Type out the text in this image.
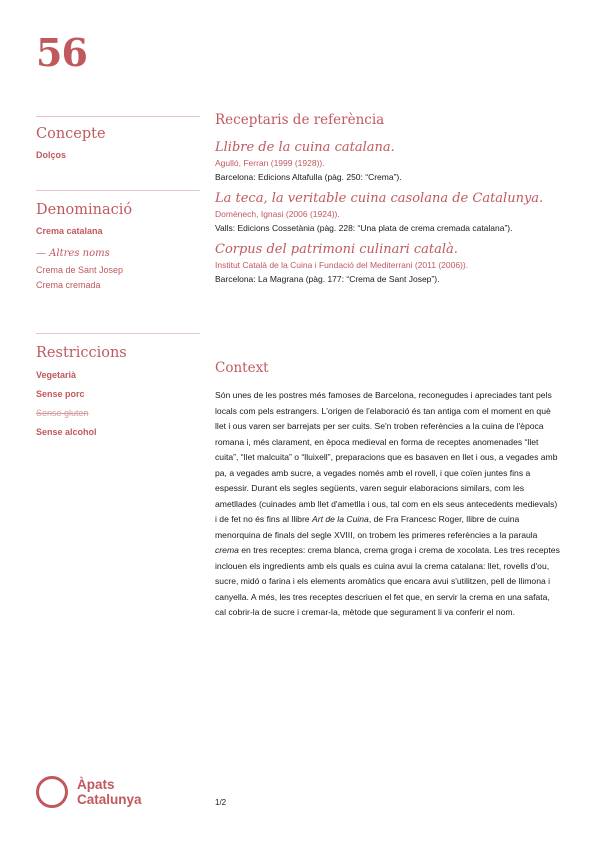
56
Concepte
Dolços
Denominació
Crema catalana
— Altres noms
Crema de Sant Josep
Crema cremada
Restriccions
Vegetarià
Sense porc
Sense gluten
Sense alcohol
Receptaris de referència
Llibre de la cuina catalana.
Agulló, Ferran (1999 (1928)).
Barcelona: Edicions Altafulla (pàg. 250: “Crema”).
La teca, la veritable cuina casolana de Catalunya.
Domènech, Ignasi (2006 (1924)).
Valls: Edicions Cossetània (pàg. 228: “Una plata de crema cremada catalana”).
Corpus del patrimoni culinari català.
Institut Català de la Cuina i Fundació del Mediterrani (2011 (2006)).
Barcelona: La Magrana (pàg. 177: “Crema de Sant Josep”).
Context
Són unes de les postres més famoses de Barcelona, reconegudes i apreciades tant pels locals com pels estrangers. L'origen de l'elaboració és tan antiga com el moment en què llet i ous varen ser barrejats per ser cuits. Se'n troben referències a la cuina de l'època romana i, més clarament, en època medieval en forma de receptes anomenades “llet cuita”, “llet malcuita” o “lluixell”, preparacions que es basaven en llet i ous, a vegades amb pa, a vegades amb sucre, a vegades només amb el rovell, i que coïen juntes fins a espessir. Durant els segles següents, varen seguir elaboracions similars, com les ametllades (cuinades amb llet d'ametlla i ous, tal com en els seus antecedents medievals) i de fet no és fins al llibre Art de la Cuina, de Fra Francesc Roger, llibre de cuina menorquina de finals del segle XVIII, on trobem les primeres referències a la paraula crema en tres receptes: crema blanca, crema groga i crema de xocolata. Les tres receptes inclouen els ingredients amb els quals es cuina avui la crema catalana: llet, rovells d'ou, sucre, midó o farina i els elements aromàtics que encara avui s'utilitzen, pell de llimona i canyella. A més, les tres receptes descriuen el fet que, en servir la crema en una safata, cal cobrir-la de sucre i cremar-la, mètode que segurament li va conferir el nom.
Àpats
Catalunya	1/2
